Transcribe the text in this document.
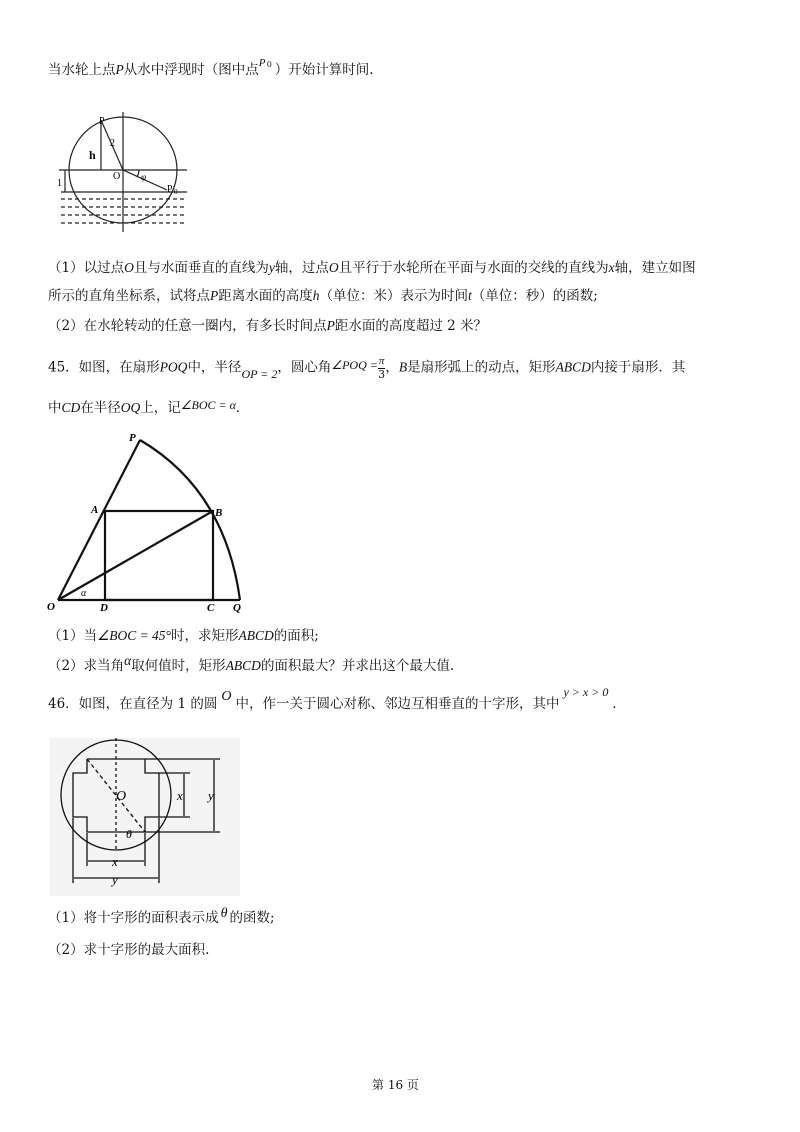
当水轮上点P从水中浮现时（图中点$^P$ 0 ）开始计算时间.
P
2
h
O φ
P 0
1
（1）以过点O且与水面垂直的直线为y轴，过点O且平行于水轮所在平面与水面的交线的直线为x轴，建立如图
所示的直角坐标系，试将点P距离水面的高度h（单位：米）表示为时间t（单位：秒）的函数;
（2）在水轮转动的任意一圈内，有多长时间点P距水面的高度超过 2 米？
45．如图，在扇形POQ中，半径OP = 2，圆心角∠POQ = $\frac{\pi}{3}$ ，B是扇形弧上的动点，矩形ABCD内接于扇形．其
中CD在半径OQ上，记∠BOC = α．
P
A	B
O	D	C Q
α
（1）当∠BOC = 45°时，求矩形ABCD的面积;
（2）求当角α取何值时，矩形ABCD的面积最大？并求出这个最大值.
46．如图，在直径为 1 的圆 O 中，作一关于圆心对称、邻边互相垂直的十字形，其中y > x > 0．
O
θ
x y
x
y
（1）将十字形的面积表示成 θ 的函数;
（2）求十字形的最大面积.
第 16 页
